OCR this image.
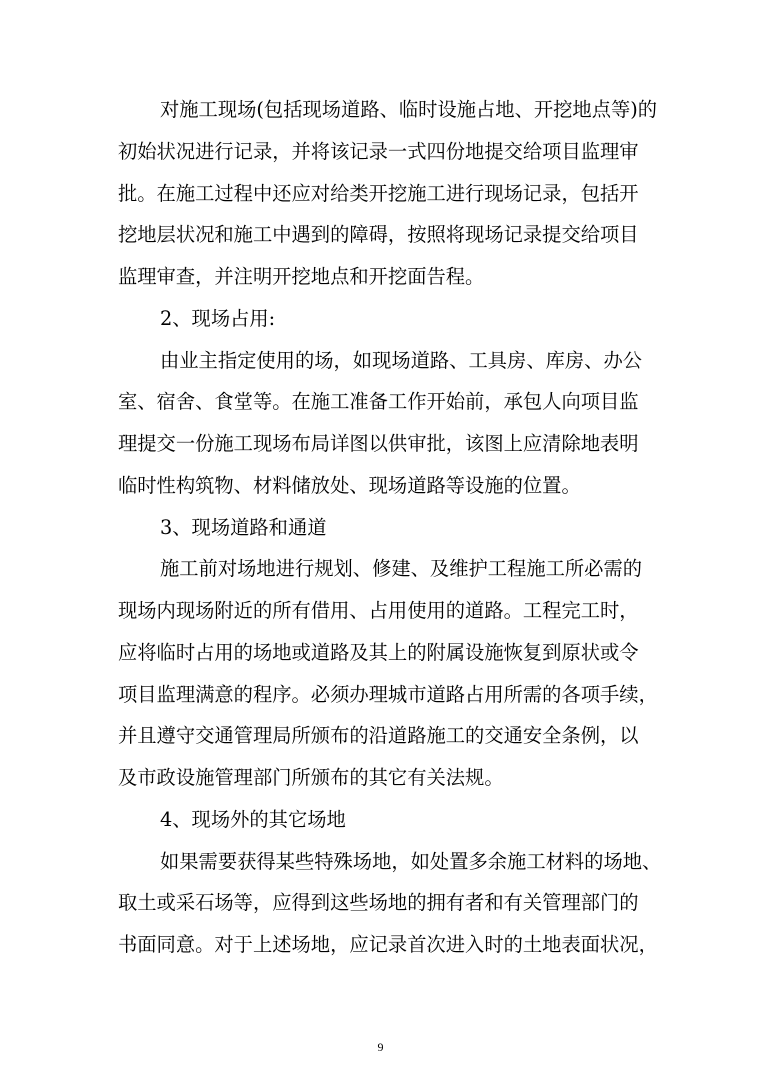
对施工现场(包括现场道路、临时设施占地、开挖地点等)的
初始状况进行记录，并将该记录一式四份地提交给项目监理审
批。在施工过程中还应对给类开挖施工进行现场记录，包括开
挖地层状况和施工中遇到的障碍，按照将现场记录提交给项目
监理审查，并注明开挖地点和开挖面告程。
2、现场占用:
由业主指定使用的场，如现场道路、工具房、库房、办公
室、宿舍、食堂等。在施工准备工作开始前，承包人向项目监
理提交一份施工现场布局详图以供审批，该图上应清除地表明
临时性构筑物、材料储放处、现场道路等设施的位置。
3、现场道路和通道
施工前对场地进行规划、修建、及维护工程施工所必需的
现场内现场附近的所有借用、占用使用的道路。工程完工时，
应将临时占用的场地或道路及其上的附属设施恢复到原状或令
项目监理满意的程序。必须办理城市道路占用所需的各项手续，
并且遵守交通管理局所颁布的沿道路施工的交通安全条例，以
及市政设施管理部门所颁布的其它有关法规。
4、现场外的其它场地
如果需要获得某些特殊场地，如处置多余施工材料的场地、
取土或采石场等，应得到这些场地的拥有者和有关管理部门的
书面同意。对于上述场地，应记录首次进入时的土地表面状况，
9
